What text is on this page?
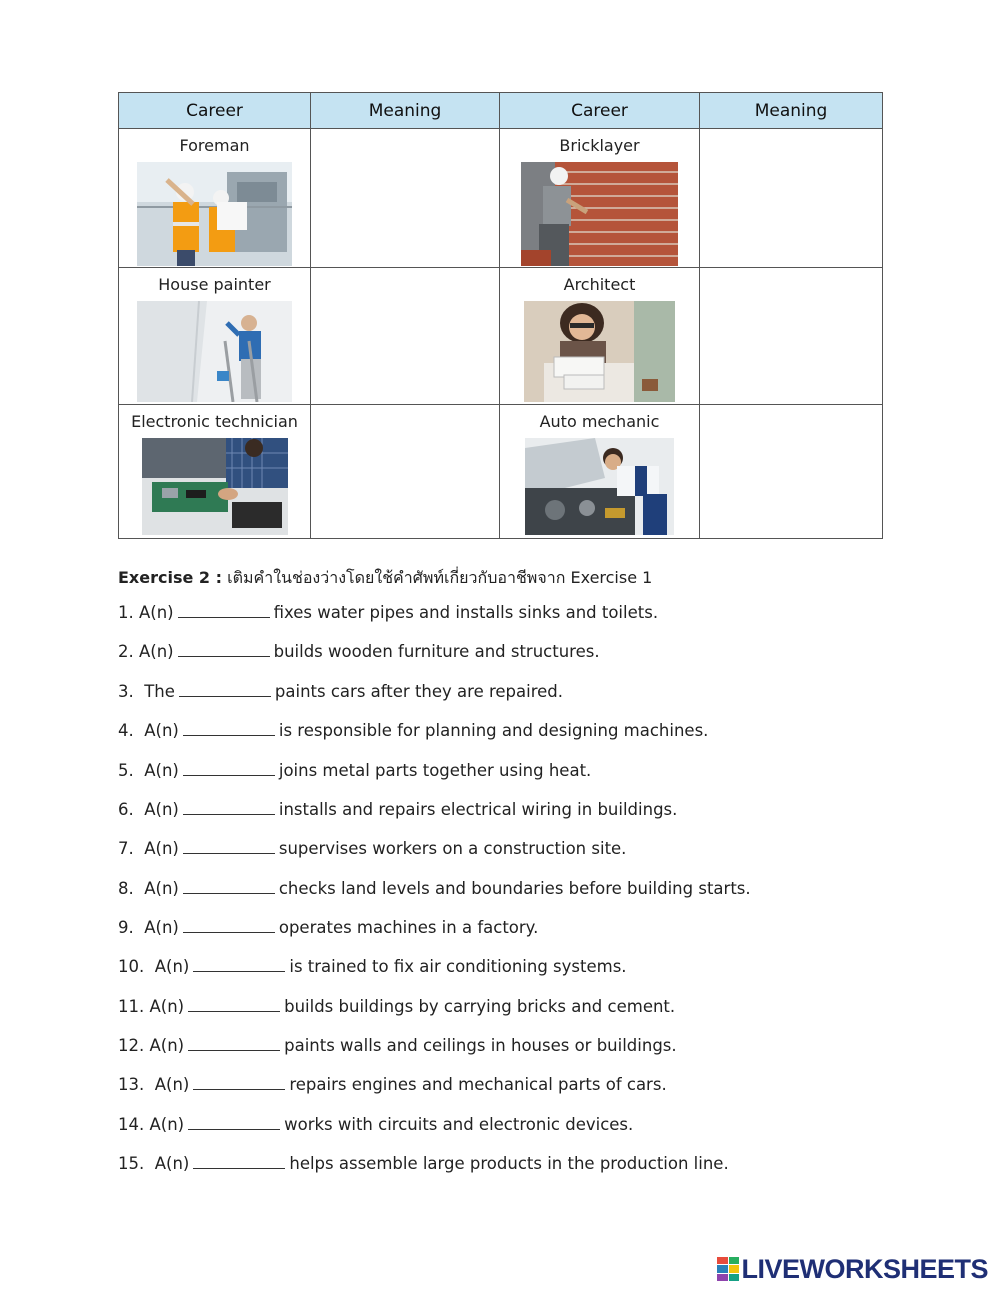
Career	Meaning	Career	Meaning

Foreman		Bricklayer	

House painter		Architect	

Electronic technician		Auto mechanic	

Exercise 2 : เติมคำในช่องว่างโดยใช้คำศัพท์เกี่ยวกับอาชีพจาก Exercise 1
1. A(n)	fixes water pipes and installs sinks and toilets.
2. A(n)	builds wooden furniture and structures.
3.  The	paints cars after they are repaired.
4.  A(n)	is responsible for planning and designing machines.
5.  A(n)	joins metal parts together using heat.
6.  A(n)	installs and repairs electrical wiring in buildings.
7.  A(n)	supervises workers on a construction site.
8.  A(n)	checks land levels and boundaries before building starts.
9.  A(n)	operates machines in a factory.
10.  A(n)	is trained to fix air conditioning systems.
11. A(n)	builds buildings by carrying bricks and cement.
12. A(n)	paints walls and ceilings in houses or buildings.
13.  A(n)	repairs engines and mechanical parts of cars.
14. A(n)	works with circuits and electronic devices.
15.  A(n)	helps assemble large products in the production line.
LIVEWORKSHEETS
